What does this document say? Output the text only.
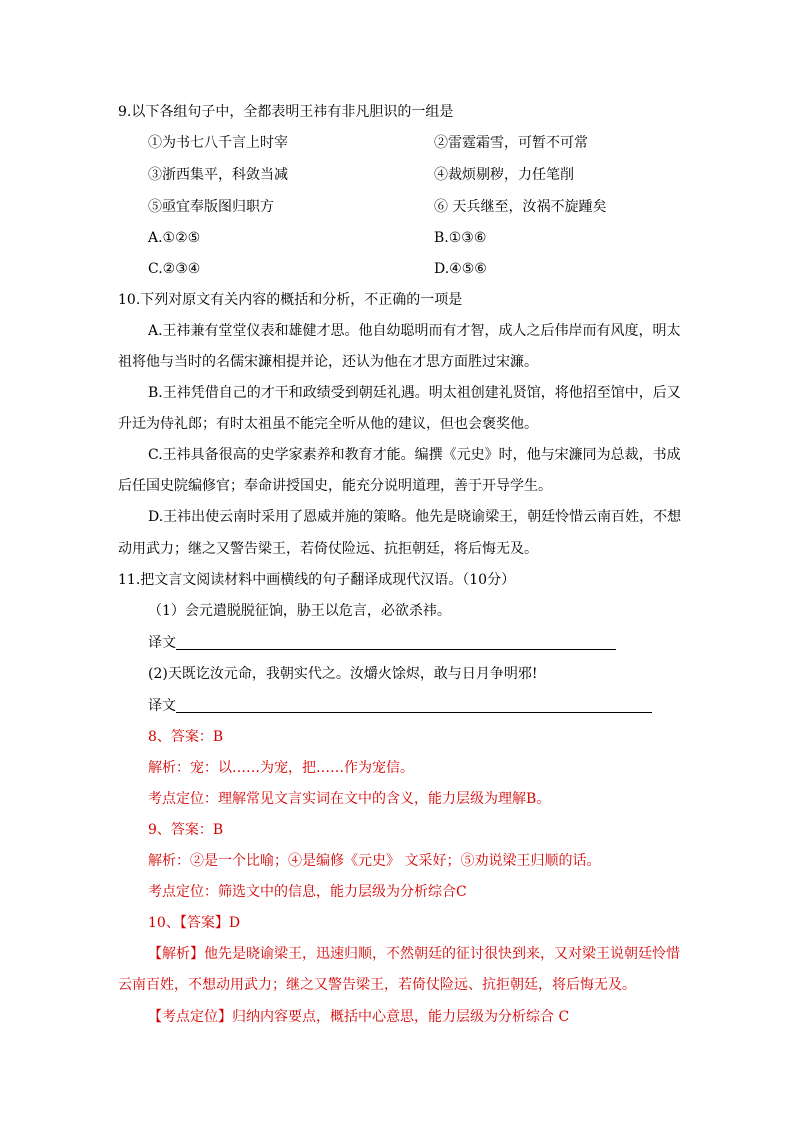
9.以下各组句子中，全都表明王祎有非凡胆识的一组是
①为书七八千言上时宰	②雷霆霜雪，可暂不可常
③浙西集平，科敛当减	④裁烦剔秽，力任笔削
⑤亟宜奉版图归职方	⑥ 天兵继至，汝祸不旋踵矣
A.①②⑤	B.①③⑥
C.②③④	D.④⑤⑥
10.下列对原文有关内容的概括和分析，不正确的一项是
A.王祎兼有堂堂仪表和雄健才思。他自幼聪明而有才智，成人之后伟岸而有风度，明太
祖将他与当时的名儒宋濂相提并论，还认为他在才思方面胜过宋濂。
B.王祎凭借自己的才干和政绩受到朝廷礼遇。明太祖创建礼贤馆，将他招至馆中，后又
升迁为侍礼郎；有时太祖虽不能完全听从他的建议，但也会褒奖他。
C.王祎具备很高的史学家素养和教育才能。编撰《元史》时，他与宋濂同为总裁，书成
后任国史院编修官；奉命讲授国史，能充分说明道理，善于开导学生。
D.王祎出使云南时采用了恩威并施的策略。他先是晓谕梁王，朝廷怜惜云南百姓，不想
动用武力；继之又警告梁王，若倚仗险远、抗拒朝廷，将后悔无及。
11.把文言文阅读材料中画横线的句子翻译成现代汉语。（10分）
（1）会元遣脱脱征饷，胁王以危言，必欲杀祎。
译文
(2)天既讫汝元命，我朝实代之。汝爝火馀烬，敢与日月争明邪!
译文
8、答案：B
解析：宠：以……为宠，把……作为宠信。
考点定位：理解常见文言实词在文中的含义，能力层级为理解B。
9、答案：B
解析：②是一个比喻；④是编修《元史》 文采好；⑤劝说梁王归顺的话。
考点定位：筛选文中的信息，能力层级为分析综合C
10、【答案】D
【解析】他先是晓谕梁王，迅速归顺，不然朝廷的征讨很快到来，又对梁王说朝廷怜惜
云南百姓，不想动用武力；继之又警告梁王，若倚仗险远、抗拒朝廷，将后悔无及。
【考点定位】归纳内容要点，概括中心意思，能力层级为分析综合 C
